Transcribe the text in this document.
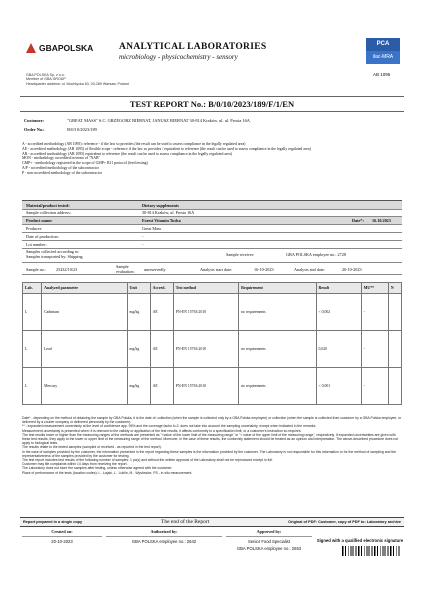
GBAPOLSKA
GBA POLSKA Sp. z o.o.
Member of GBA GROUP
Headquarter address: ul. Mochtycka 63, 03-289 Warsaw, Poland
ANALYTICAL LABORATORIES
microbiology - physicochemistry - sensory
PCA
ilac-MRA
AB 1095
TEST REPORT No.: B/0/10/2023/189/F/1/EN
Customer:	"GREAT MASS" S.C. GRZEGORZ BIERNAT, JANUSZ BIERNAT 30-814 Kraków, ul. ul. Prosta 16A
Order No.:	B/0/10/2023/189
A - accredited methodology (AB 1095): reference - if the law so provides (the result can be used to assess compliance in the legally regulated area)
AE - accredited methodology (AB 1095) of flexible scope - reference if the law so provides / equivalent to reference (the result can be used to assess compliance in the legally regulated area)
AR - accredited methodology (AB 1095) equivalent to reference (the result can be used to assess compliance in the legally regulated area)
MON - methodology accredited in terms of "NAB"
GMP+ - methodology registered in the scope of GMP+ B11 protocol (feed testing)
A/P - accredited methodology of the subcontractor
P - non-accredited methodology of the subcontractor
Material/product tested:	Dietary supplements
Sample collection address:	30-814 Kraków, ul. Prosta 16A
Product name:	Forest Vitamin Tudca	Date*:	16.10.2023
Producer:	Great Mass
Date of production:	-
Lot number:	-
Samples collected according to:
Samples transported by: Shipping	Sample receiver:	GBA POLSKA employee no.: 2728
Sample no.:	25432/10/23	Sample evaluation:	unreservedly	Analysis start date:	16-10-2023	Analysis end date:	20-10-2023
Lab.	Analyzed parameter	Unit	Accred.	Test method	Requirement	Result	MU**	N
L	Cadmium	mg/kg	AE	PN-EN 15763:2010	no requirements	< 0,002	-	
L	Lead	mg/kg	AE	PN-EN 15763:2010	no requirements	0,020	-	
L	Mercury	mg/kg	AE	PN-EN 15763:2010	no requirements	< 0,001	-	
Date* - depending on the method of obtaining the sample by GBA Polska, it is the date of: collection (when the sample is collected only by a GBA Polska employee) or collection (when the sample is collected from customer by a GBA Polska employee, or delivered by a courier company or delivered personally by the customer).
** - expanded measurement uncertainty at the level of confidence app. 95% and the coverage factor k=2, does not take into account the sampling uncertainty, except when indicated in the remarks.
Measurement uncertainty is presented when: it is relevant to the validity or application of the test results, it affects conformity to a specification limit, or a customer's instruction so requires.
The test results lower or higher than the measuring ranges of the methods are presented as "<value of the lower limit of the measuring range" or "> value of the upper limit of the measuring range", respectively. If expanded uncertainties are given with these test results, they apply to the lower or upper limit of the measuring range of the method. Moreover, in the case of these results, the conformity statement should be treated as an opinion and interpretation. The above-described procedure does not apply to biological tests.
The results relate to the tested samples (sampled or received - as reported in the test report).
In the case of samples provided by the customer, the information presented in the report regarding these samples is the information provided by the customer. The Laboratory is not responsible for this information or for the method of sampling and the representativeness of the samples provided by the customer for testing.
The test report includes test results of the following number of samples: 1 pc(s) and without the written approval of the Laboratory shall not be reproduced except in full.
Customer may file complaints within 14 days from receiving the report.
The Laboratory does not store the samples after testing, unless otherwise agreed with the customer.
Place of performance of the tests (location codes): L - Łajski, L - Lublin, M - Wysłowice, PS - in situ measurement.
Report prepared in a single copy	The end of the Report	Original of PDF: Customer, copy of PDF to: Laboratory archive
Created on:
20-10-2023
Authorized by:
GBA POLSKA employee no.: 2642
Approved by:
Senior Food Specialist
GBA POLSKA employee no.: 2653
Signed with a qualified electronic signature
